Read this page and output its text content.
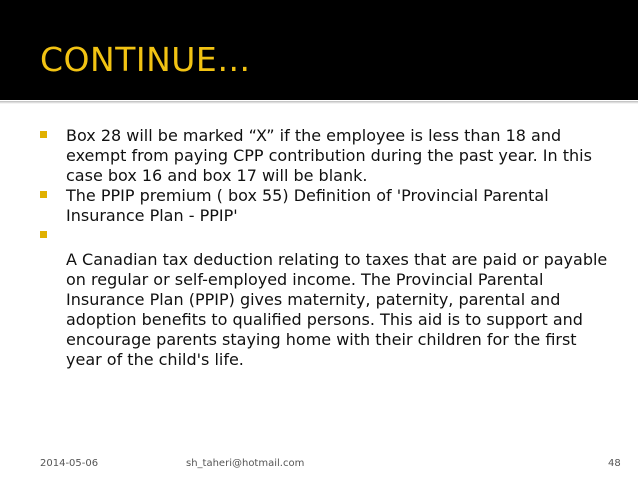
CONTINUE…
Box 28 will be marked “X” if the employee is less than 18 and exempt from paying CPP contribution during the past year. In this case box 16 and box 17 will be blank.
The PPIP premium ( box 55) Definition of 'Provincial Parental Insurance Plan - PPIP'
A Canadian tax deduction relating to taxes that are paid or payable on regular or self-employed income. The Provincial Parental Insurance Plan (PPIP) gives maternity, paternity, parental and adoption benefits to qualified persons. This aid is to support and encourage parents staying home with their children for the first year of the child's life.
2014-05-06	sh_taheri@hotmail.com	48
